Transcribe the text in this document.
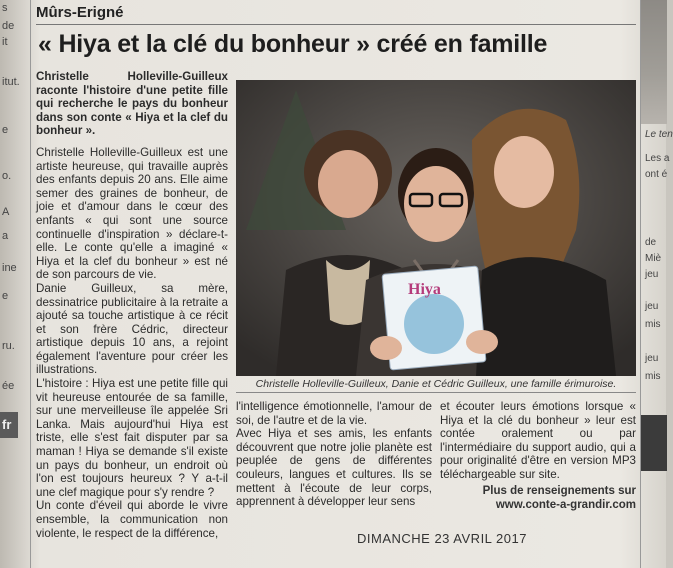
s
de
it
itut.
e
o.
A
a
ine
e
ru.
ée
fr
Le ten
Les a
ont é
de
Miè
jeu
jeu
mis
jeu
mis
Mûrs-Erigné
« Hiya et la clé du bonheur » créé en famille

Christelle Holleville-Guilleux raconte l'histoire d'une petite fille qui recherche le pays du bonheur dans son conte « Hiya et la clef du bonheur ».

Christelle Holleville-Guilleux est une artiste heureuse, qui travaille auprès des enfants depuis 20 ans. Elle aime semer des graines de bonheur, de joie et d'amour dans le cœur des enfants « qui sont une source continuelle d'inspiration » déclare-t-elle. Le conte qu'elle a imaginé « Hiya et la clef du bonheur » est né de son parcours de vie.

Danie Guilleux, sa mère, dessinatrice publicitaire à la retraite a ajouté sa touche artistique à ce récit et son frère Cédric, directeur artistique depuis 10 ans, a rejoint également l'aventure pour créer les illustrations.

L'histoire : Hiya est une petite fille qui vit heureuse entourée de sa famille, sur une merveilleuse île appelée Sri Lanka. Mais aujourd'hui Hiya est triste, elle s'est fait disputer par sa maman ! Hiya se demande s'il existe un pays du bonheur, un endroit où l'on est toujours heureux ? Y a-t-il une clef magique pour s'y rendre ?

Un conte d'éveil qui aborde le vivre ensemble, la communication non violente, le respect de la différence,

Hiya
Christelle Holleville-Guilleux, Danie et Cédric Guilleux, une famille érimuroise.

l'intelligence émotionnelle, l'amour de soi, de l'autre et de la vie.

Avec Hiya et ses amis, les enfants découvrent que notre jolie planète est peuplée de gens de différentes couleurs, langues et cultures. Ils se mettent à l'écoute de leur corps, apprennent à développer leur sens

et écouter leurs émotions lorsque « Hiya et la clé du bonheur » leur est contée oralement ou par l'intermédiaire du support audio, qui a pour originalité d'être en version MP3 téléchargeable sur site.

Plus de renseignements sur www.conte-a-grandir.com
DIMANCHE 23 AVRIL 2017
